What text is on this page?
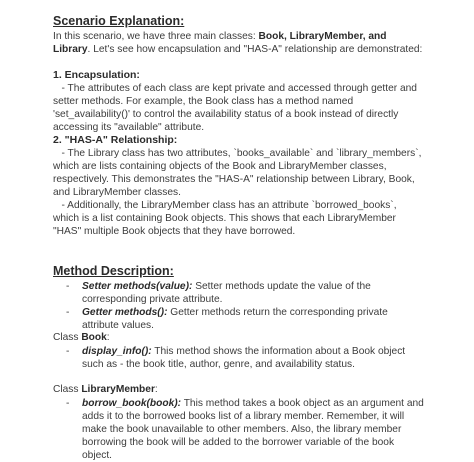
Scenario Explanation:

In this scenario, we have three main classes: Book, LibraryMember, and Library. Let's see how encapsulation and "HAS-A" relationship are demonstrated:

1. Encapsulation:

- The attributes of each class are kept private and accessed through getter and setter methods. For example, the Book class has a method named 'set_availability()' to control the availability status of a book instead of directly accessing its "available" attribute.

2. "HAS-A" Relationship:

- The Library class has two attributes, `books_available` and `library_members`, which are lists containing objects of the Book and LibraryMember classes, respectively. This demonstrates the "HAS-A" relationship between Library, Book, and LibraryMember classes.

- Additionally, the LibraryMember class has an attribute `borrowed_books`, which is a list containing Book objects. This shows that each LibraryMember "HAS" multiple Book objects that they have borrowed.

Method Description:
- Setter methods(value): Setter methods update the value of the corresponding private attribute.
- Getter methods(): Getter methods return the corresponding private attribute values.
Class Book:
- display_info(): This method shows the information about a Book object such as - the book title, author, genre, and availability status.
Class LibraryMember:
- borrow_book(book): This method takes a book object as an argument and adds it to the borrowed books list of a library member. Remember, it will make the book unavailable to other members. Also, the library member borrowing the book will be added to the borrower variable of the book object.
